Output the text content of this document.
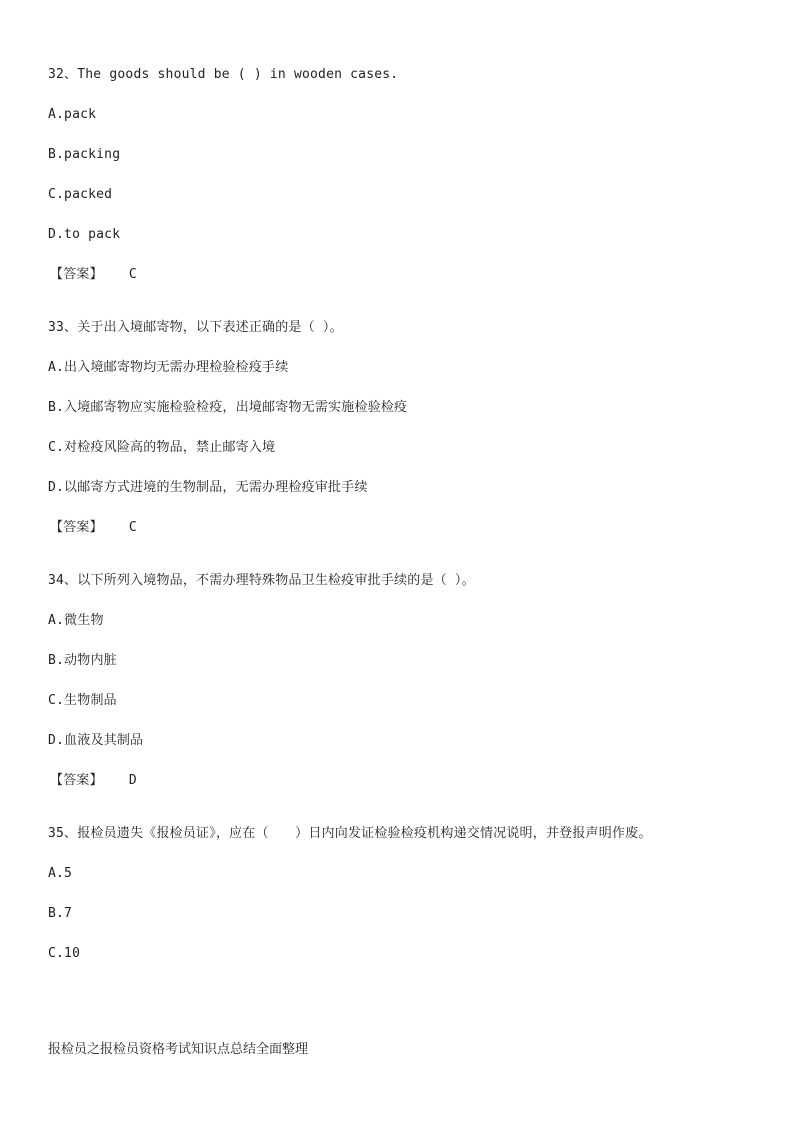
32、The goods should be ( ) in wooden cases.
A.pack
B.packing
C.packed
D.to pack
【答案】 C
33、关于出入境邮寄物，以下表述正确的是（ ）。
A.出入境邮寄物均无需办理检验检疫手续
B.入境邮寄物应实施检验检疫，出境邮寄物无需实施检验检疫
C.对检疫风险高的物品，禁止邮寄入境
D.以邮寄方式进境的生物制品，无需办理检疫审批手续
【答案】 C
34、以下所列入境物品，不需办理特殊物品卫生检疫审批手续的是（ ）。
A.微生物
B.动物内脏
C.生物制品
D.血液及其制品
【答案】 D
35、报检员遗失《报检员证》，应在（　　）日内向发证检验检疫机构递交情况说明，并登报声明作废。
A.5
B.7
C.10
报检员之报检员资格考试知识点总结全面整理
